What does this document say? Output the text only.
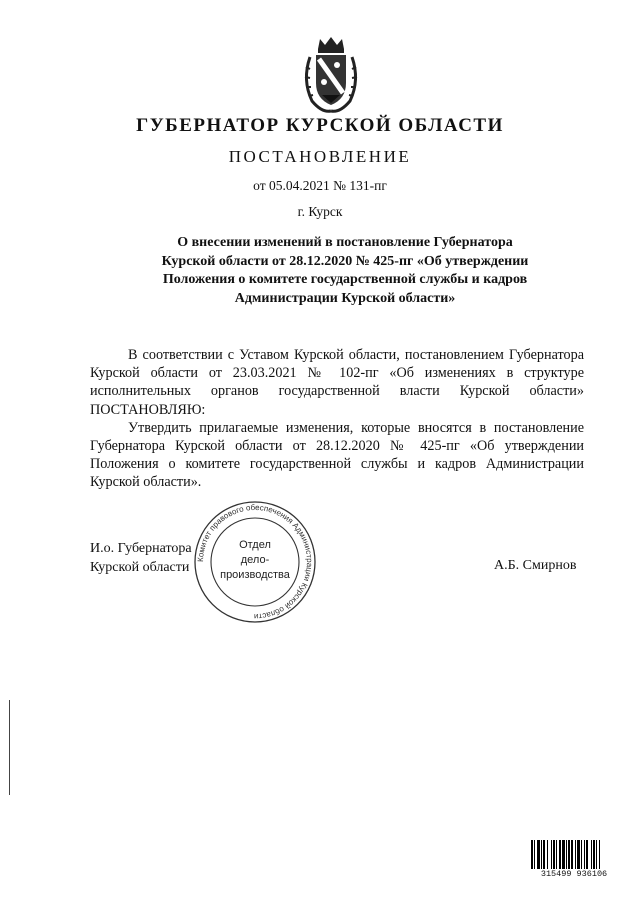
ГУБЕРНАТОР КУРСКОЙ ОБЛАСТИ
ПОСТАНОВЛЕНИЕ
от 05.04.2021 № 131-пг
г. Курск
О внесении изменений в постановление Губернатора
Курской области от 28.12.2020 № 425-пг «Об утверждении
Положения о комитете государственной службы и кадров
Администрации Курской области»

В соответствии с Уставом Курской области, постановлением Губернатора Курской области от 23.03.2021 № 102-пг «Об изменениях в структуре исполнительных органов государственной власти Курской области» ПОСТАНОВЛЯЮ:

Утвердить прилагаемые изменения, которые вносятся в постановление Губернатора Курской области от 28.12.2020 № 425-пг «Об утверждении Положения о комитете государственной службы и кадров Администрации Курской области».

И.о. Губернатора
Курской области	А.Б. Смирнов
Комитет правового обеспечения Администрации Курской области
Отдел
дело-
производства
315499 936106
